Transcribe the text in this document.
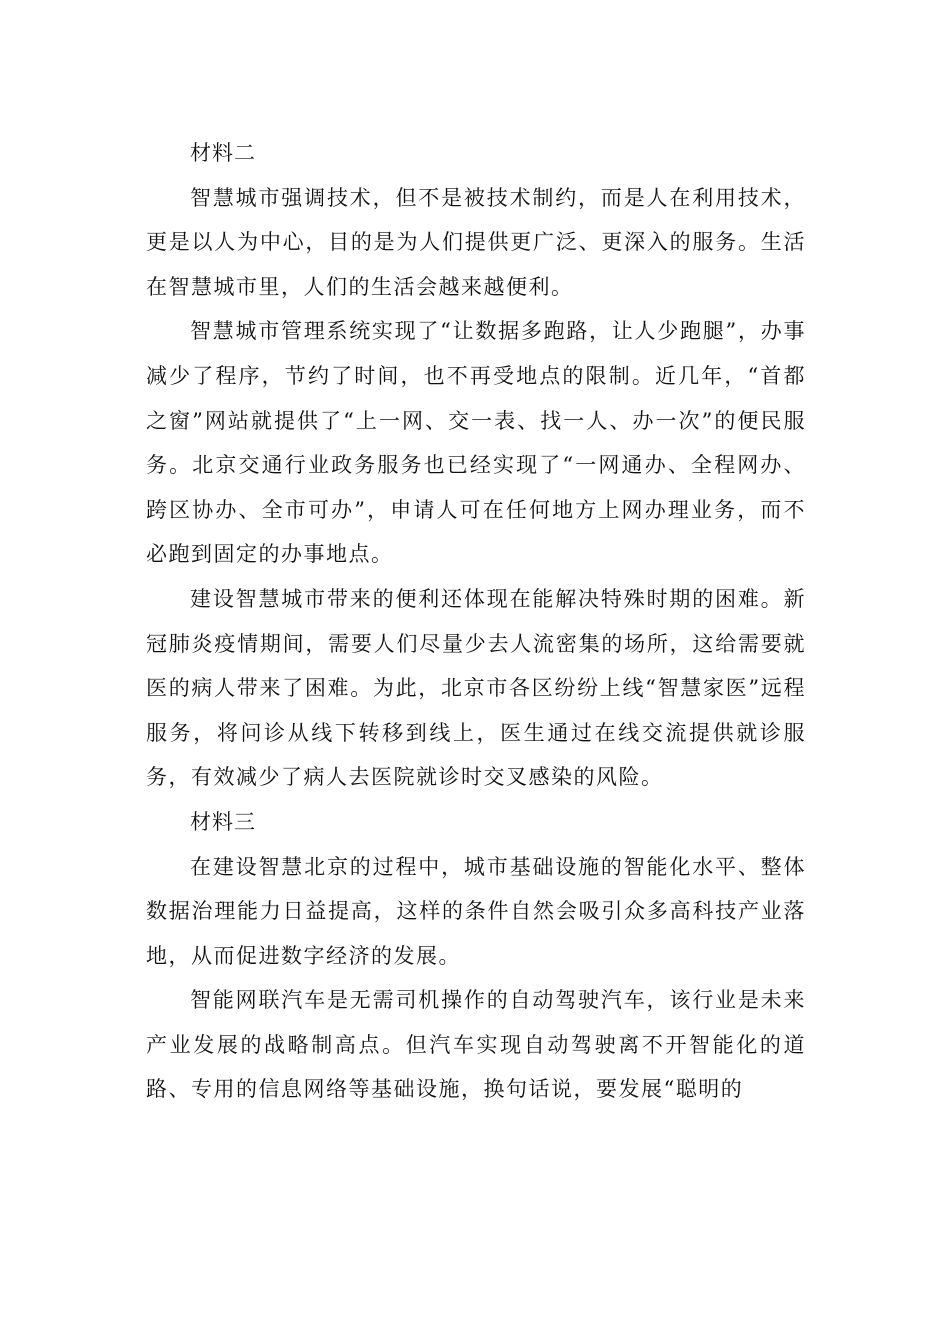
材料二

智慧城市强调技术，但不是被技术制约，而是人在利用技术，更是以人为中心，目的是为人们提供更广泛、更深入的服务。生活在智慧城市里，人们的生活会越来越便利。

智慧城市管理系统实现了“让数据多跑路，让人少跑腿”，办事减少了程序，节约了时间，也不再受地点的限制。近几年，“首都之窗”网站就提供了“上一网、交一表、找一人、办一次”的便民服务。北京交通行业政务服务也已经实现了“一网通办、全程网办、跨区协办、全市可办”，申请人可在任何地方上网办理业务，而不必跑到固定的办事地点。

建设智慧城市带来的便利还体现在能解决特殊时期的困难。新冠肺炎疫情期间，需要人们尽量少去人流密集的场所，这给需要就医的病人带来了困难。为此，北京市各区纷纷上线“智慧家医”远程服务，将问诊从线下转移到线上，医生通过在线交流提供就诊服务，有效减少了病人去医院就诊时交叉感染的风险。

材料三

在建设智慧北京的过程中，城市基础设施的智能化水平、整体数据治理能力日益提高，这样的条件自然会吸引众多高科技产业落地，从而促进数字经济的发展。

智能网联汽车是无需司机操作的自动驾驶汽车，该行业是未来产业发展的战略制高点。但汽车实现自动驾驶离不开智能化的道路、专用的信息网络等基础设施，换句话说，要发展“聪明的
